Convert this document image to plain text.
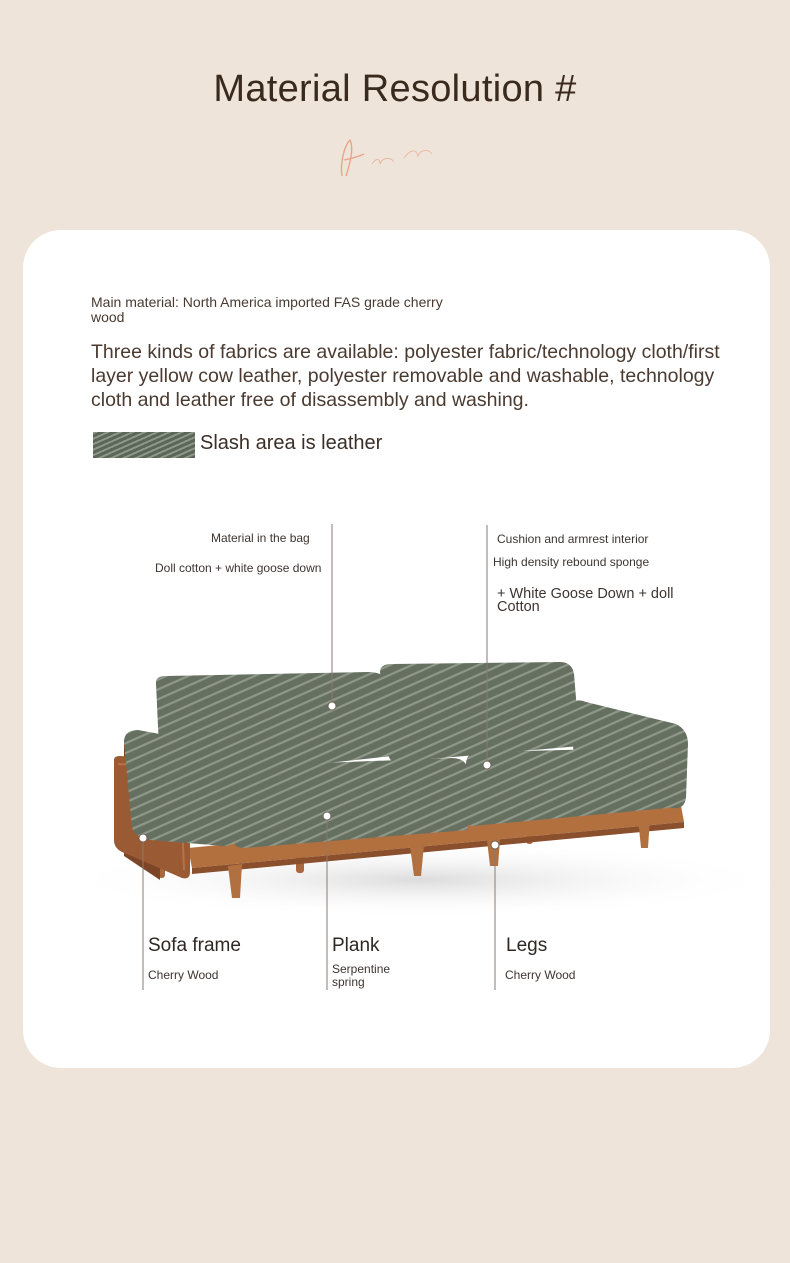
Material Resolution #
Main material: North America imported FAS grade cherry wood
Three kinds of fabrics are available: polyester fabric/technology cloth/first layer yellow cow leather, polyester removable and washable, technology cloth and leather free of disassembly and washing.
Slash area is leather
Material in the bag
Doll cotton + white goose down
Cushion and armrest interior
High density rebound sponge
+ White Goose Down + doll Cotton
Sofa frame
Cherry Wood
Plank
Serpentine spring
Legs
Cherry Wood
